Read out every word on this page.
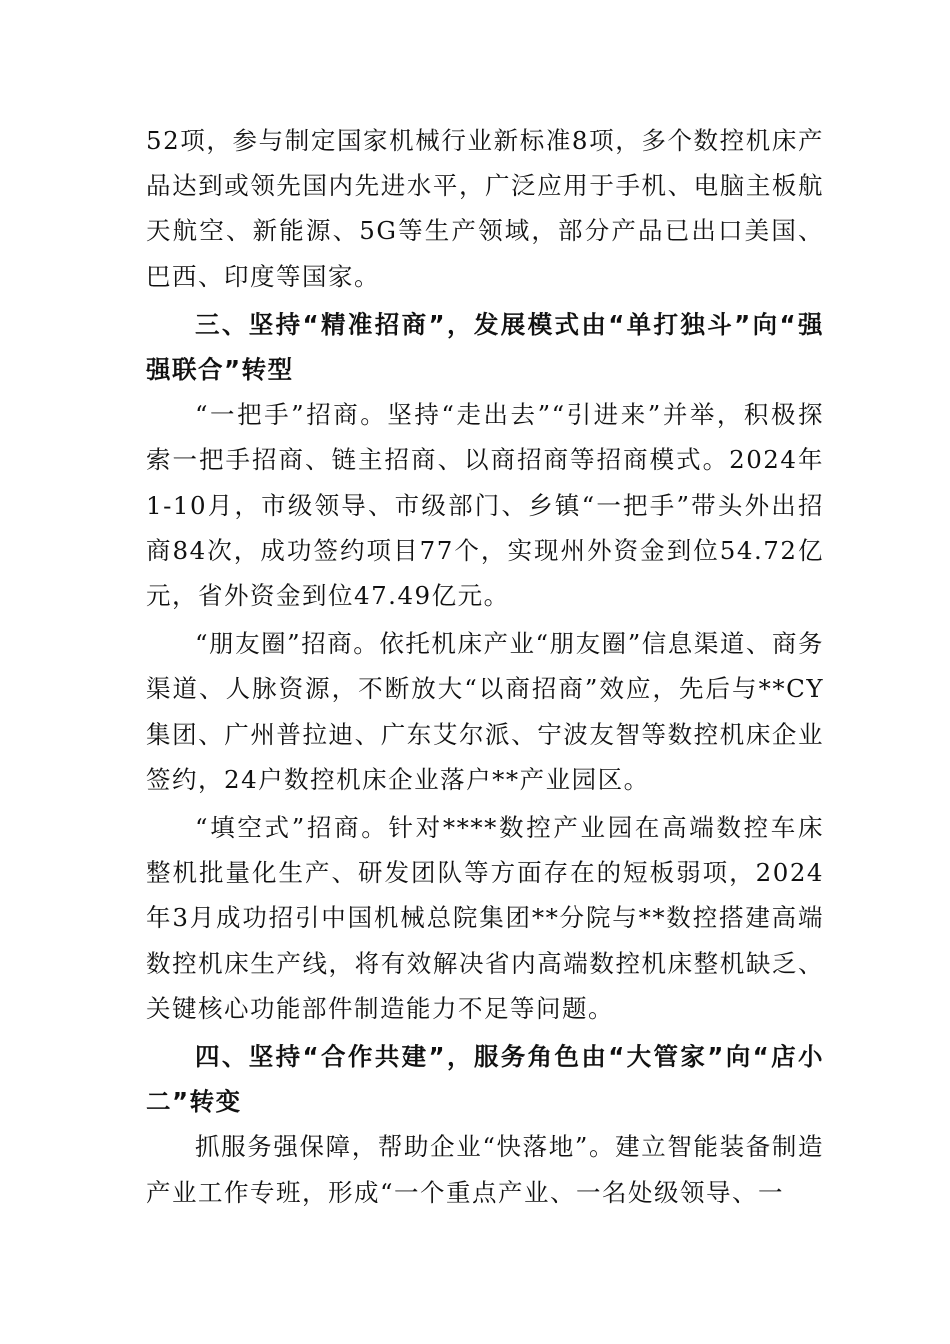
52项，参与制定国家机械行业新标准8项，多个数控机床产品达到或领先国内先进水平，广泛应用于手机、电脑主板航天航空、新能源、5G等生产领域，部分产品已出口美国、巴西、印度等国家。

三、坚持“精准招商”，发展模式由“单打独斗”向“强强联合”转型

“一把手”招商。坚持“走出去”“引进来”并举，积极探索一把手招商、链主招商、以商招商等招商模式。2024年1-10月，市级领导、市级部门、乡镇“一把手”带头外出招商84次，成功签约项目77个，实现州外资金到位54.72亿元，省外资金到位47.49亿元。

“朋友圈”招商。依托机床产业“朋友圈”信息渠道、商务渠道、人脉资源，不断放大“以商招商”效应，先后与**CY集团、广州普拉迪、广东艾尔派、宁波友智等数控机床企业签约，24户数控机床企业落户**产业园区。

“填空式”招商。针对****数控产业园在高端数控车床整机批量化生产、研发团队等方面存在的短板弱项，2024年3月成功招引中国机械总院集团**分院与**数控搭建高端数控机床生产线，将有效解决省内高端数控机床整机缺乏、关键核心功能部件制造能力不足等问题。

四、坚持“合作共建”，服务角色由“大管家”向“店小二”转变

抓服务强保障，帮助企业“快落地”。建立智能装备制造产业工作专班，形成“一个重点产业、一名处级领导、一
